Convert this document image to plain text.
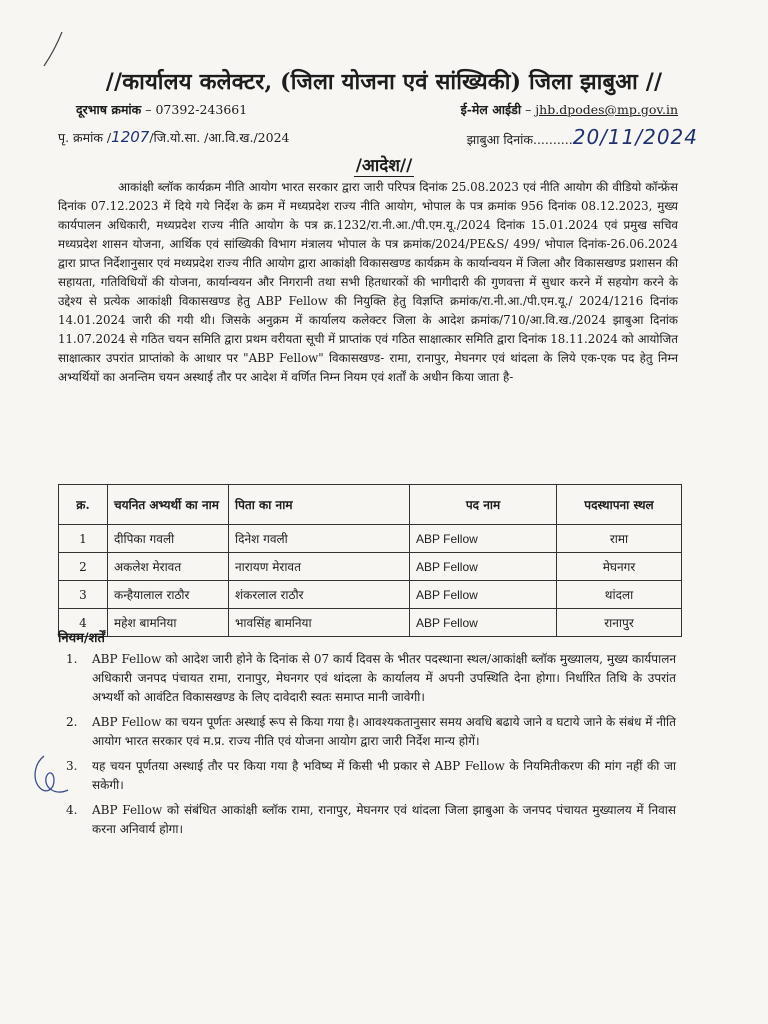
//कार्यालय कलेक्टर, (जिला योजना एवं सांख्यिकी) जिला झाबुआ //
दूरभाष क्रमांक – 07392-243661	ई-मेल आईडी – jhb.dpodes@mp.gov.in
पृ. क्रमांक /1207/जि.यो.सा. /आ.वि.ख./2024	झाबुआ दिनांक..........20/11/2024
/आदेश//
आकांक्षी ब्लॉक कार्यक्रम नीति आयोग भारत सरकार द्वारा जारी परिपत्र दिनांक 25.08.2023 एवं नीति आयोग की वीडियो कॉन्फ्रेंस दिनांक 07.12.2023 में दिये गये निर्देश के क्रम में मध्यप्रदेश राज्य नीति आयोग, भोपाल के पत्र क्रमांक 956 दिनांक 08.12.2023, मुख्य कार्यपालन अधिकारी, मध्यप्रदेश राज्य नीति आयोग के पत्र क्र.1232/रा.नी.आ./पी.एम.यू./2024 दिनांक 15.01.2024 एवं प्रमुख सचिव मध्यप्रदेश शासन योजना, आर्थिक एवं सांख्यिकी विभाग मंत्रालय भोपाल के पत्र क्रमांक/2024/PE&S/ 499/ भोपाल दिनांक-26.06.2024 द्वारा प्राप्त निर्देशानुसार एवं मध्यप्रदेश राज्य नीति आयोग द्वारा आकांक्षी विकासखण्ड कार्यक्रम के कार्यान्वयन में जिला और विकासखण्ड प्रशासन की सहायता, गतिविधियों की योजना, कार्यान्वयन और निगरानी तथा सभी हितधारकों की भागीदारी की गुणवत्ता में सुधार करने में सहयोग करने के उद्देश्य से प्रत्येक आकांक्षी विकासखण्ड हेतु ABP Fellow की नियुक्ति हेतु विज्ञप्ति क्रमांक/रा.नी.आ./पी.एम.यू./ 2024/1216 दिनांक 14.01.2024 जारी की गयी थी। जिसके अनुक्रम में कार्यालय कलेक्टर जिला के आदेश क्रमांक/710/आ.वि.ख./2024 झाबुआ दिनांक 11.07.2024 से गठित चयन समिति द्वारा प्रथम वरीयता सूची में प्राप्तांक एवं गठित साक्षात्कार समिति द्वारा दिनांक 18.11.2024 को आयोजित साक्षात्कार उपरांत प्राप्तांको के आधार पर "ABP Fellow" विकासखण्ड- रामा, रानापुर, मेघनगर एवं थांदला के लिये एक-एक पद हेतु निम्न अभ्यर्थियों का अनन्तिम चयन अस्थाई तौर पर आदेश में वर्णित निम्न नियम एवं शर्तों के अधीन किया जाता है-
क्र.	चयनित अभ्यर्थी का नाम	पिता का नाम	पद नाम	पदस्थापना स्थल
1	दीपिका गवली	दिनेश गवली	ABP Fellow	रामा
2	अकलेश मेरावत	नारायण मेरावत	ABP Fellow	मेघनगर
3	कन्हैयालाल राठौर	शंकरलाल राठौर	ABP Fellow	थांदला
4	महेश बामनिया	भावसिंह बामनिया	ABP Fellow	रानापुर
नियम/शर्तें
1.	ABP Fellow को आदेश जारी होने के दिनांक से 07 कार्य दिवस के भीतर पदस्थाना स्थल/आकांक्षी ब्लॉक मुख्यालय, मुख्य कार्यपालन अधिकारी जनपद पंचायत रामा, रानापुर, मेघनगर एवं थांदला के कार्यालय में अपनी उपस्थिति देना होगा। निर्धारित तिथि के उपरांत अभ्यर्थी को आवंटित विकासखण्ड के लिए दावेदारी स्वतः समाप्त मानी जावेगी।
2.	ABP Fellow का चयन पूर्णतः अस्थाई रूप से किया गया है। आवश्यकतानुसार समय अवधि बढाये जाने व घटाये जाने के संबंध में नीति आयोग भारत सरकार एवं म.प्र. राज्य नीति एवं योजना आयोग द्वारा जारी निर्देश मान्य होगें।
3.	यह चयन पूर्णतया अस्थाई तौर पर किया गया है भविष्य में किसी भी प्रकार से ABP Fellow के नियमितीकरण की मांग नहीं की जा सकेगी।
4.	ABP Fellow को संबंधित आकांक्षी ब्लॉक रामा, रानापुर, मेघनगर एवं थांदला जिला झाबुआ के जनपद पंचायत मुख्यालय में निवास करना अनिवार्य होगा।
